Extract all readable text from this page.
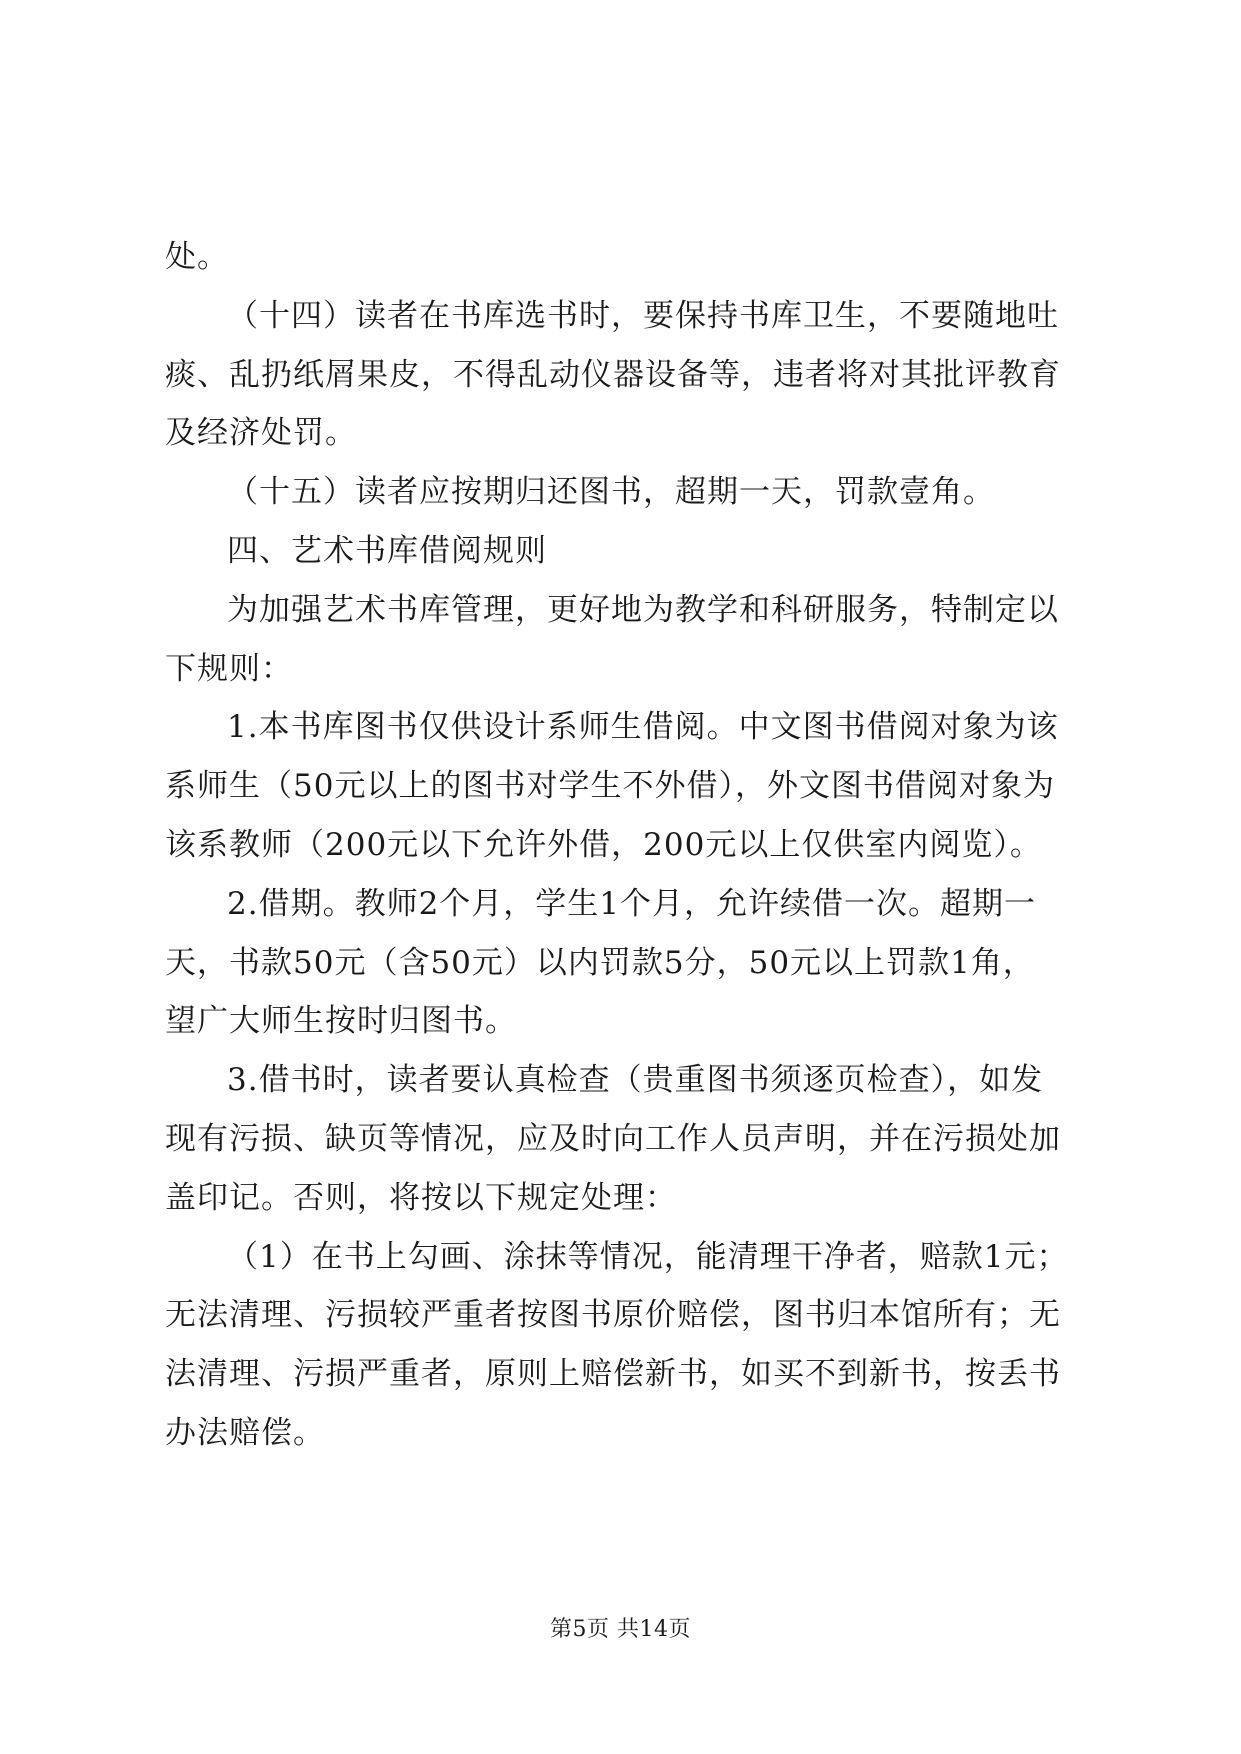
处。
（十四）读者在书库选书时，要保持书库卫生，不要随地吐
痰、乱扔纸屑果皮，不得乱动仪器设备等，违者将对其批评教育
及经济处罚。
（十五）读者应按期归还图书，超期一天，罚款壹角。
四、艺术书库借阅规则
为加强艺术书库管理，更好地为教学和科研服务，特制定以
下规则：
1.本书库图书仅供设计系师生借阅。中文图书借阅对象为该
系师生（50元以上的图书对学生不外借），外文图书借阅对象为
该系教师（200元以下允许外借，200元以上仅供室内阅览）。
2.借期。教师2个月，学生1个月，允许续借一次。超期一
天，书款50元（含50元）以内罚款5分，50元以上罚款1角，
望广大师生按时归图书。
3.借书时，读者要认真检查（贵重图书须逐页检查），如发
现有污损、缺页等情况，应及时向工作人员声明，并在污损处加
盖印记。否则，将按以下规定处理：
（1）在书上勾画、涂抹等情况，能清理干净者，赔款1元；
无法清理、污损较严重者按图书原价赔偿，图书归本馆所有；无
法清理、污损严重者，原则上赔偿新书，如买不到新书，按丢书
办法赔偿。
第5页 共14页
